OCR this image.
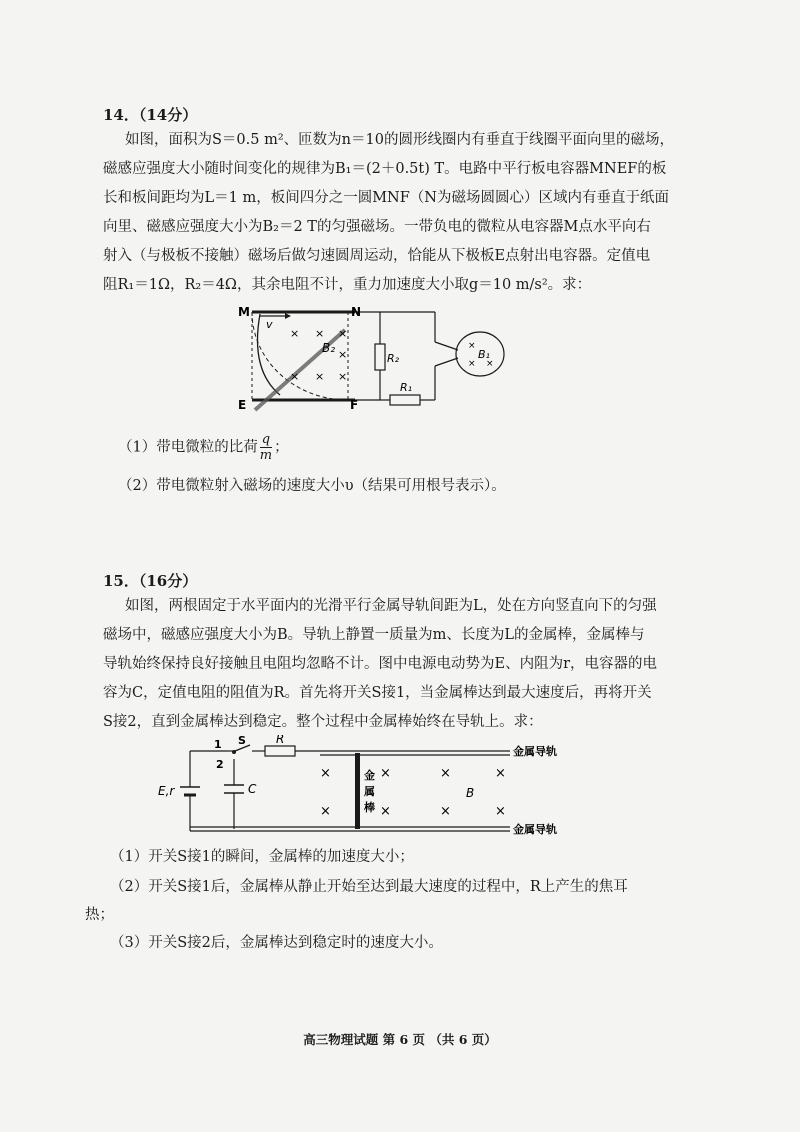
14．（14分）

如图，面积为S＝0.5 m²、匝数为n＝10的圆形线圈内有垂直于线圈平面向里的磁场，

磁感应强度大小随时间变化的规律为B₁＝(2＋0.5t) T。电路中平行板电容器MNEF的板

长和板间距均为L＝1 m，板间四分之一圆MNF（N为磁场圆圆心）区域内有垂直于纸面

向里、磁感应强度大小为B₂＝2 T的匀强磁场。一带负电的微粒从电容器M点水平向右

射入（与极板不接触）磁场后做匀速圆周运动，恰能从下极板E点射出电容器。定值电

阻R₁＝1Ω，R₂＝4Ω，其余电阻不计，重力加速度大小取g＝10 m/s²。求：

× × ×
×
× × ×
×
× ×
M	N
E	F
v
B₂
R₂
R₁
B₁
（1）带电微粒的比荷 $\frac{q}{m}$ ；
（2）带电微粒射入磁场的速度大小υ（结果可用根号表示）。
15．（16分）

如图，两根固定于水平面内的光滑平行金属导轨间距为L，处在方向竖直向下的匀强

磁场中，磁感应强度大小为B。导轨上静置一质量为m、长度为L的金属棒，金属棒与

导轨始终保持良好接触且电阻均忽略不计。图中电源电动势为E、内阻为r，电容器的电

容为C，定值电阻的阻值为R。首先将开关S接1，当金属棒达到最大速度后，再将开关

S接2，直到金属棒达到稳定。整个过程中金属棒始终在导轨上。求：

×
×
×
×
×
×
×
×
1
2
S	R
E,r	C	B
金属导轨
金属导轨
金
属
棒
（1）开关S接1的瞬间，金属棒的加速度大小；
（2）开关S接1后，金属棒从静止开始至达到最大速度的过程中，R上产生的焦耳
热；
（3）开关S接2后，金属棒达到稳定时的速度大小。
高三物理试题 第 6 页 （共 6 页）
